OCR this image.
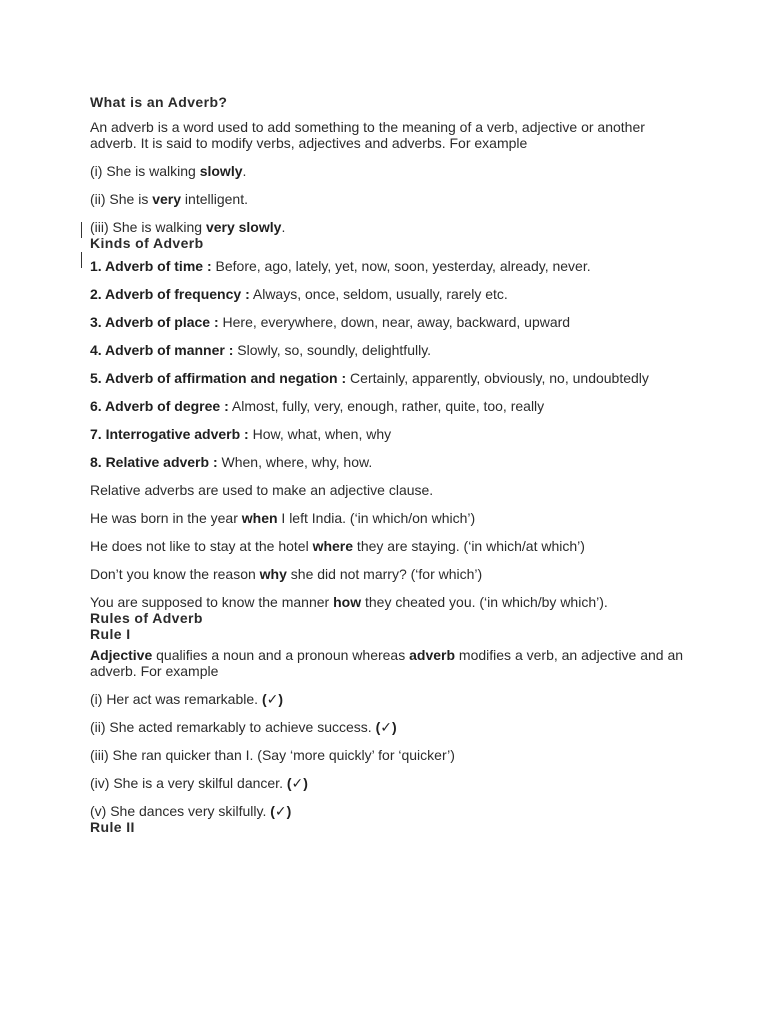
What is an Adverb?

An adverb is a word used to add something to the meaning of a verb, adjective or another adverb. It is said to modify verbs, adjectives and adverbs. For example

(i) She is walking slowly.

(ii) She is very intelligent.

(iii) She is walking very slowly.

Kinds of Adverb

1. Adverb of time : Before, ago, lately, yet, now, soon, yesterday, already, never.

2. Adverb of frequency : Always, once, seldom, usually, rarely etc.

3. Adverb of place : Here, everywhere, down, near, away, backward, upward

4. Adverb of manner : Slowly, so, soundly, delightfully.

5. Adverb of affirmation and negation : Certainly, apparently, obviously, no, undoubtedly

6. Adverb of degree : Almost, fully, very, enough, rather, quite, too, really

7. Interrogative adverb : How, what, when, why

8. Relative adverb : When, where, why, how.

Relative adverbs are used to make an adjective clause.

He was born in the year when I left India. (‘in which/on which’)

He does not like to stay at the hotel where they are staying. (‘in which/at which’)

Don’t you know the reason why she did not marry? (‘for which’)

You are supposed to know the manner how they cheated you. (‘in which/by which’).

Rules of Adverb
Rule I

Adjective qualifies a noun and a pronoun whereas adverb modifies a verb, an adjective and an adverb. For example

(i) Her act was remarkable. (✓)

(ii) She acted remarkably to achieve success. (✓)

(iii) She ran quicker than I. (Say ‘more quickly’ for ‘quicker’)

(iv) She is a very skilful dancer. (✓)

(v) She dances very skilfully. (✓)

Rule II
